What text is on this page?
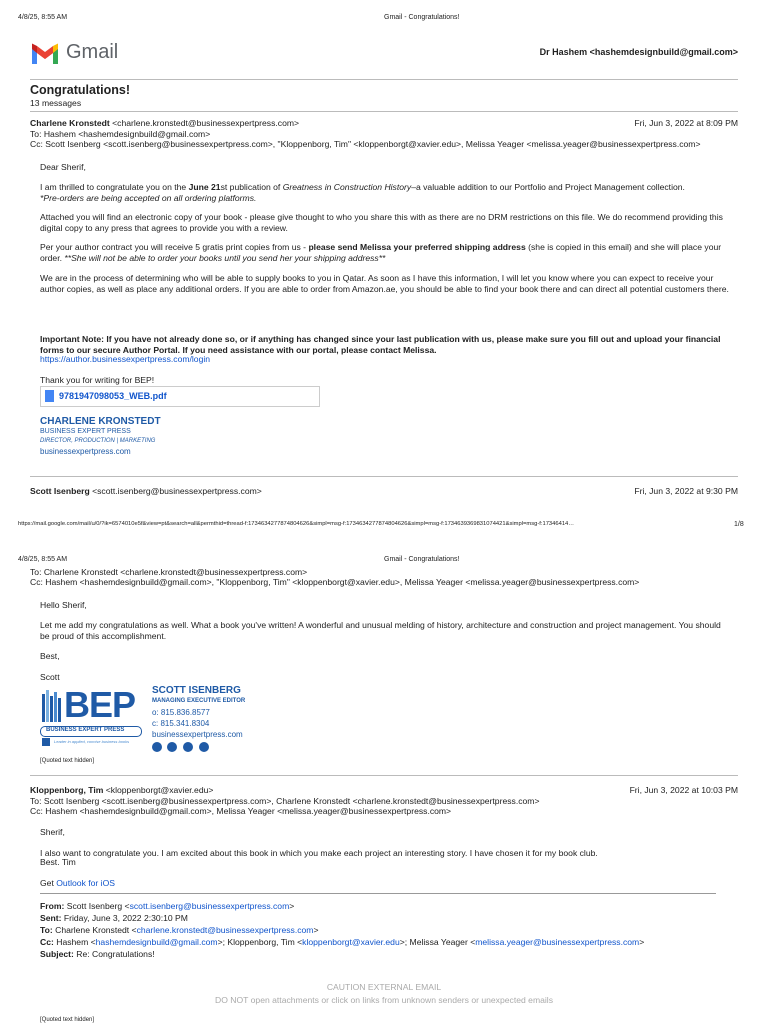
4/8/25, 8:55 AM	Gmail - Congratulations!
Gmail	Dr Hashem <hashemdesignbuild@gmail.com>
Congratulations!
13 messages
Charlene Kronstedt <charlene.kronstedt@businessexpertpress.com>	Fri, Jun 3, 2022 at 8:09 PM
To: Hashem <hashemdesignbuild@gmail.com>
Cc: Scott Isenberg <scott.isenberg@businessexpertpress.com>, "Kloppenborg, Tim" <kloppenborgt@xavier.edu>, Melissa Yeager <melissa.yeager@businessexpertpress.com>
Dear Sherif,
I am thrilled to congratulate you on the June 21st publication of Greatness in Construction History–a valuable addition to our Portfolio and Project Management collection.
*Pre-orders are being accepted on all ordering platforms.
Attached you will find an electronic copy of your book - please give thought to who you share this with as there are no DRM restrictions on this file. We do recommend providing this digital copy to any press that agrees to provide you with a review.
Per your author contract you will receive 5 gratis print copies from us - please send Melissa your preferred shipping address (she is copied in this email) and she will place your order. **She will not be able to order your books until you send her your shipping address**
We are in the process of determining who will be able to supply books to you in Qatar. As soon as I have this information, I will let you know where you can expect to receive your author copies, as well as place any additional orders. If you are able to order from Amazon.ae, you should be able to find your book there and can direct all potential customers there.
Important Note: If you have not already done so, or if anything has changed since your last publication with us, please make sure you fill out and upload your financial forms to our secure Author Portal. If you need assistance with our portal, please contact Melissa.
https://author.businessexpertpress.com/login
Thank you for writing for BEP!
9781947098053_WEB.pdf
CHARLENE KRONSTEDT
BUSINESS EXPERT PRESS
DIRECTOR, PRODUCTION | MARKETING
businessexpertpress.com
Scott Isenberg <scott.isenberg@businessexpertpress.com>	Fri, Jun 3, 2022 at 9:30 PM
https://mail.google.com/mail/u/0/?ik=6574010e5f&view=pt&search=all&permthid=thread-f:1734634277874804626&simpl=msg-f:1734634277874804626&simpl=msg-f:1734639369831074421&simpl=msg-f:17346414…	1/8
4/8/25, 8:55 AM	Gmail - Congratulations!
To: Charlene Kronstedt <charlene.kronstedt@businessexpertpress.com>
Cc: Hashem <hashemdesignbuild@gmail.com>, "Kloppenborg, Tim" <kloppenborgt@xavier.edu>, Melissa Yeager <melissa.yeager@businessexpertpress.com>
Hello Sherif,
Let me add my congratulations as well. What a book you've written! A wonderful and unusual melding of history, architecture and construction and project management. You should be proud of this accomplishment.
Best,
Scott
BEP
BUSINESS EXPERT PRESS
Leader in applied, concise business books
SCOTT ISENBERG
MANAGING EXECUTIVE EDITOR
o: 815.836.8577
c: 815.341.8304
businessexpertpress.com
[Quoted text hidden]
Kloppenborg, Tim <kloppenborgt@xavier.edu>	Fri, Jun 3, 2022 at 10:03 PM
To: Scott Isenberg <scott.isenberg@businessexpertpress.com>, Charlene Kronstedt <charlene.kronstedt@businessexpertpress.com>
Cc: Hashem <hashemdesignbuild@gmail.com>, Melissa Yeager <melissa.yeager@businessexpertpress.com>
Sherif,
I also want to congratulate you. I am excited about this book in which you make each project an interesting story. I have chosen it for my book club.
Best. Tim
Get Outlook for iOS
From: Scott Isenberg <scott.isenberg@businessexpertpress.com>
Sent: Friday, June 3, 2022 2:30:10 PM
To: Charlene Kronstedt <charlene.kronstedt@businessexpertpress.com>
Cc: Hashem <hashemdesignbuild@gmail.com>; Kloppenborg, Tim <kloppenborgt@xavier.edu>; Melissa Yeager <melissa.yeager@businessexpertpress.com>
Subject: Re: Congratulations!
CAUTION EXTERNAL EMAIL
DO NOT open attachments or click on links from unknown senders or unexpected emails
[Quoted text hidden]
